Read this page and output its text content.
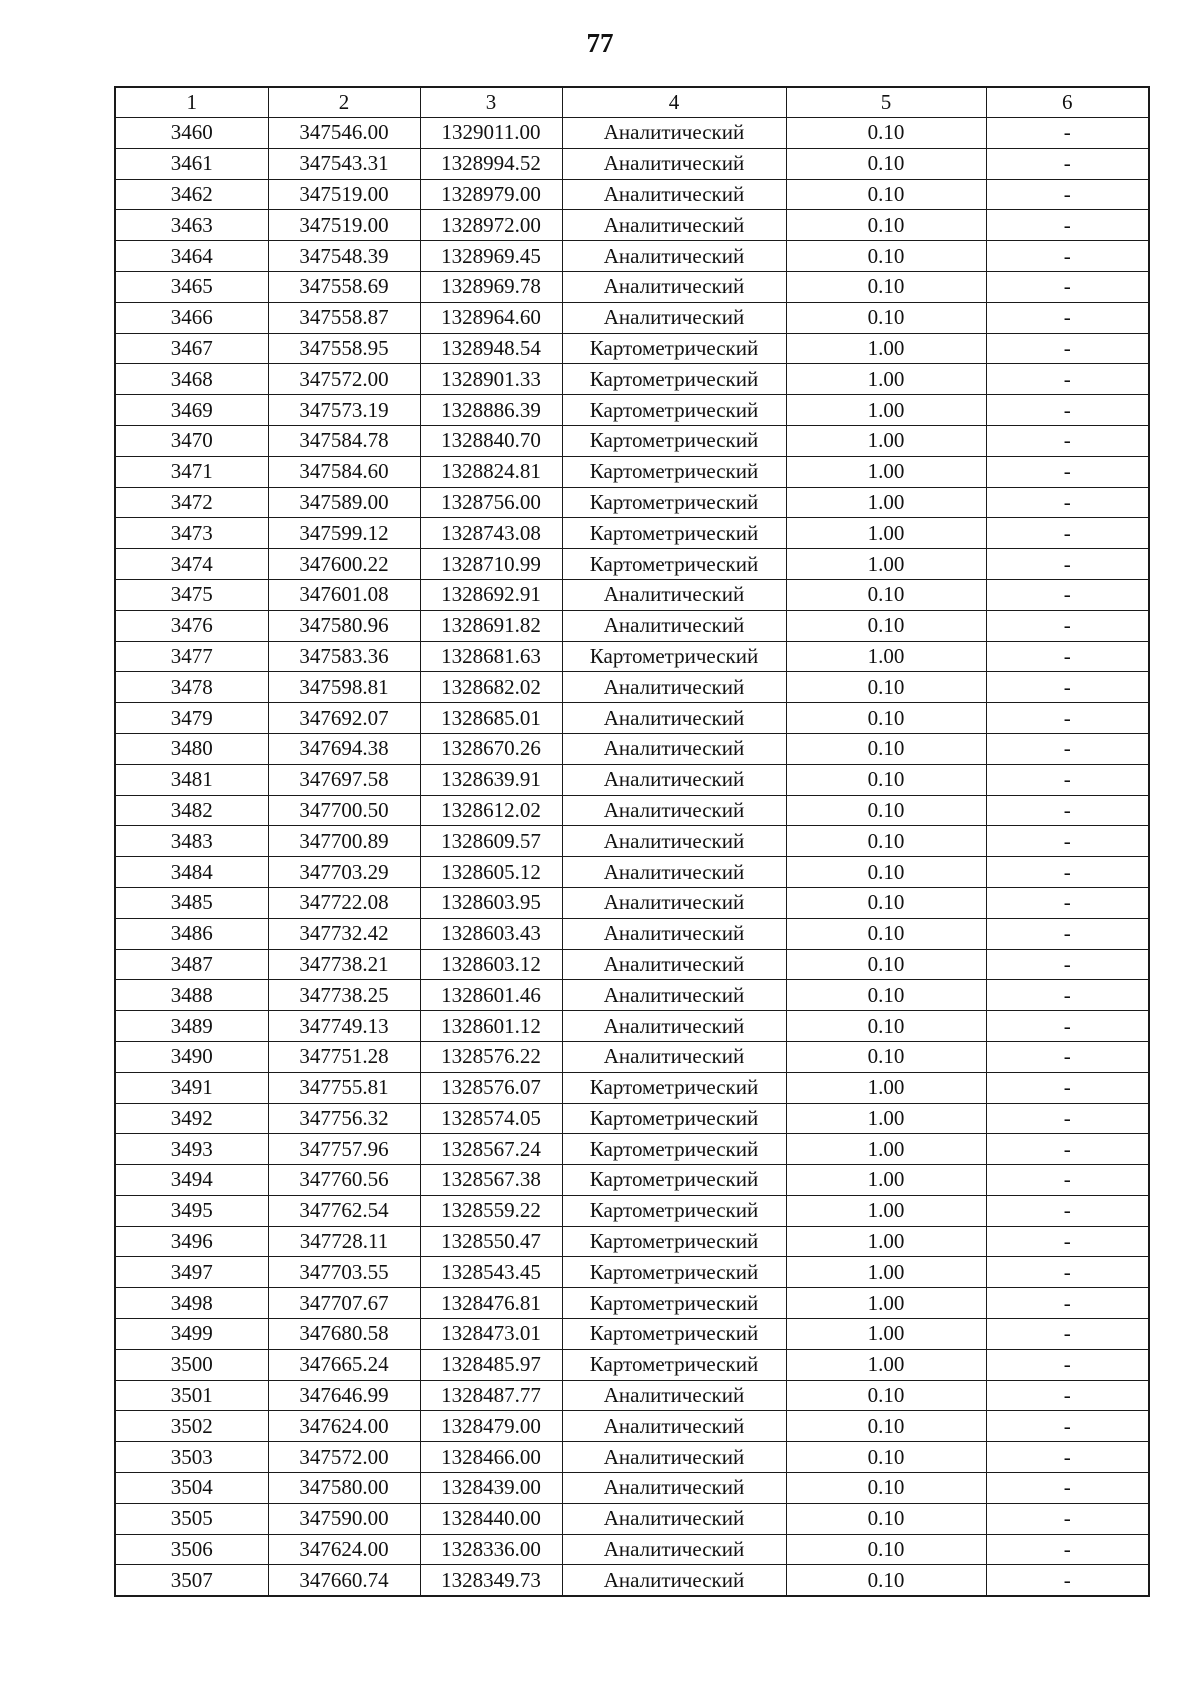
77
1	2	3	4	5	6
3460	347546.00	1329011.00	Аналитический	0.10	-
3461	347543.31	1328994.52	Аналитический	0.10	-
3462	347519.00	1328979.00	Аналитический	0.10	-
3463	347519.00	1328972.00	Аналитический	0.10	-
3464	347548.39	1328969.45	Аналитический	0.10	-
3465	347558.69	1328969.78	Аналитический	0.10	-
3466	347558.87	1328964.60	Аналитический	0.10	-
3467	347558.95	1328948.54	Картометрический	1.00	-
3468	347572.00	1328901.33	Картометрический	1.00	-
3469	347573.19	1328886.39	Картометрический	1.00	-
3470	347584.78	1328840.70	Картометрический	1.00	-
3471	347584.60	1328824.81	Картометрический	1.00	-
3472	347589.00	1328756.00	Картометрический	1.00	-
3473	347599.12	1328743.08	Картометрический	1.00	-
3474	347600.22	1328710.99	Картометрический	1.00	-
3475	347601.08	1328692.91	Аналитический	0.10	-
3476	347580.96	1328691.82	Аналитический	0.10	-
3477	347583.36	1328681.63	Картометрический	1.00	-
3478	347598.81	1328682.02	Аналитический	0.10	-
3479	347692.07	1328685.01	Аналитический	0.10	-
3480	347694.38	1328670.26	Аналитический	0.10	-
3481	347697.58	1328639.91	Аналитический	0.10	-
3482	347700.50	1328612.02	Аналитический	0.10	-
3483	347700.89	1328609.57	Аналитический	0.10	-
3484	347703.29	1328605.12	Аналитический	0.10	-
3485	347722.08	1328603.95	Аналитический	0.10	-
3486	347732.42	1328603.43	Аналитический	0.10	-
3487	347738.21	1328603.12	Аналитический	0.10	-
3488	347738.25	1328601.46	Аналитический	0.10	-
3489	347749.13	1328601.12	Аналитический	0.10	-
3490	347751.28	1328576.22	Аналитический	0.10	-
3491	347755.81	1328576.07	Картометрический	1.00	-
3492	347756.32	1328574.05	Картометрический	1.00	-
3493	347757.96	1328567.24	Картометрический	1.00	-
3494	347760.56	1328567.38	Картометрический	1.00	-
3495	347762.54	1328559.22	Картометрический	1.00	-
3496	347728.11	1328550.47	Картометрический	1.00	-
3497	347703.55	1328543.45	Картометрический	1.00	-
3498	347707.67	1328476.81	Картометрический	1.00	-
3499	347680.58	1328473.01	Картометрический	1.00	-
3500	347665.24	1328485.97	Картометрический	1.00	-
3501	347646.99	1328487.77	Аналитический	0.10	-
3502	347624.00	1328479.00	Аналитический	0.10	-
3503	347572.00	1328466.00	Аналитический	0.10	-
3504	347580.00	1328439.00	Аналитический	0.10	-
3505	347590.00	1328440.00	Аналитический	0.10	-
3506	347624.00	1328336.00	Аналитический	0.10	-
3507	347660.74	1328349.73	Аналитический	0.10	-
